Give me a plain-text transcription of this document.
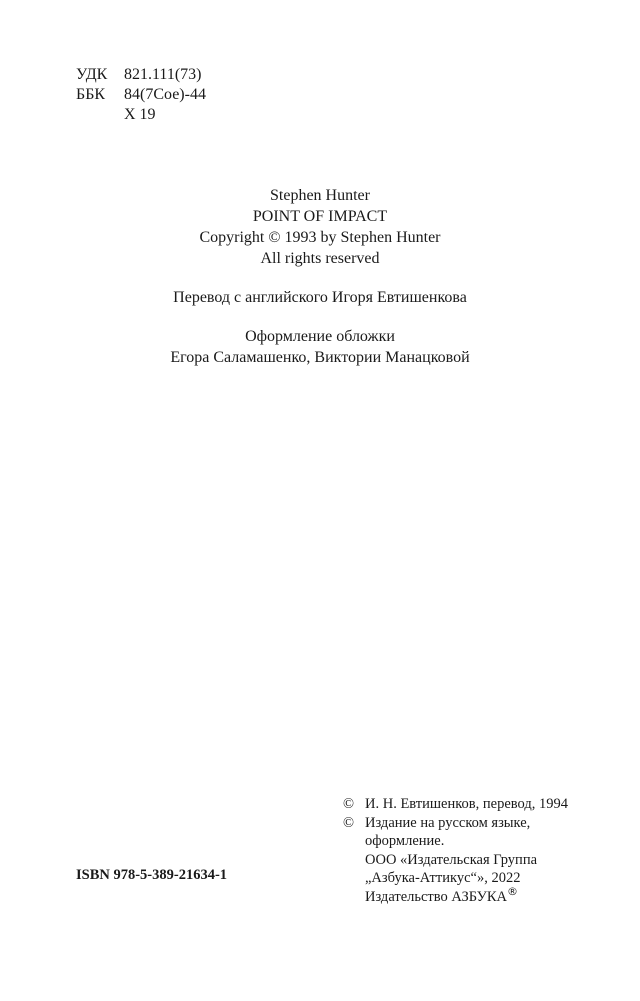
УДК	821.111(73)
ББК	84(7Сое)-44
Х 19
Stephen Hunter
POINT OF IMPACT
Copyright © 1993 by Stephen Hunter
All rights reserved
Перевод с английского Игоря Евтишенкова
Оформление обложки
Егора Саламашенко, Виктории Манацковой
© И. Н. Евтишенков, перевод, 1994
© Издание на русском языке,
оформление.
ООО «Издательская Группа
„Азбука-Аттикус“», 2022
Издательство АЗБУКА®
ISBN 978-5-389-21634-1
